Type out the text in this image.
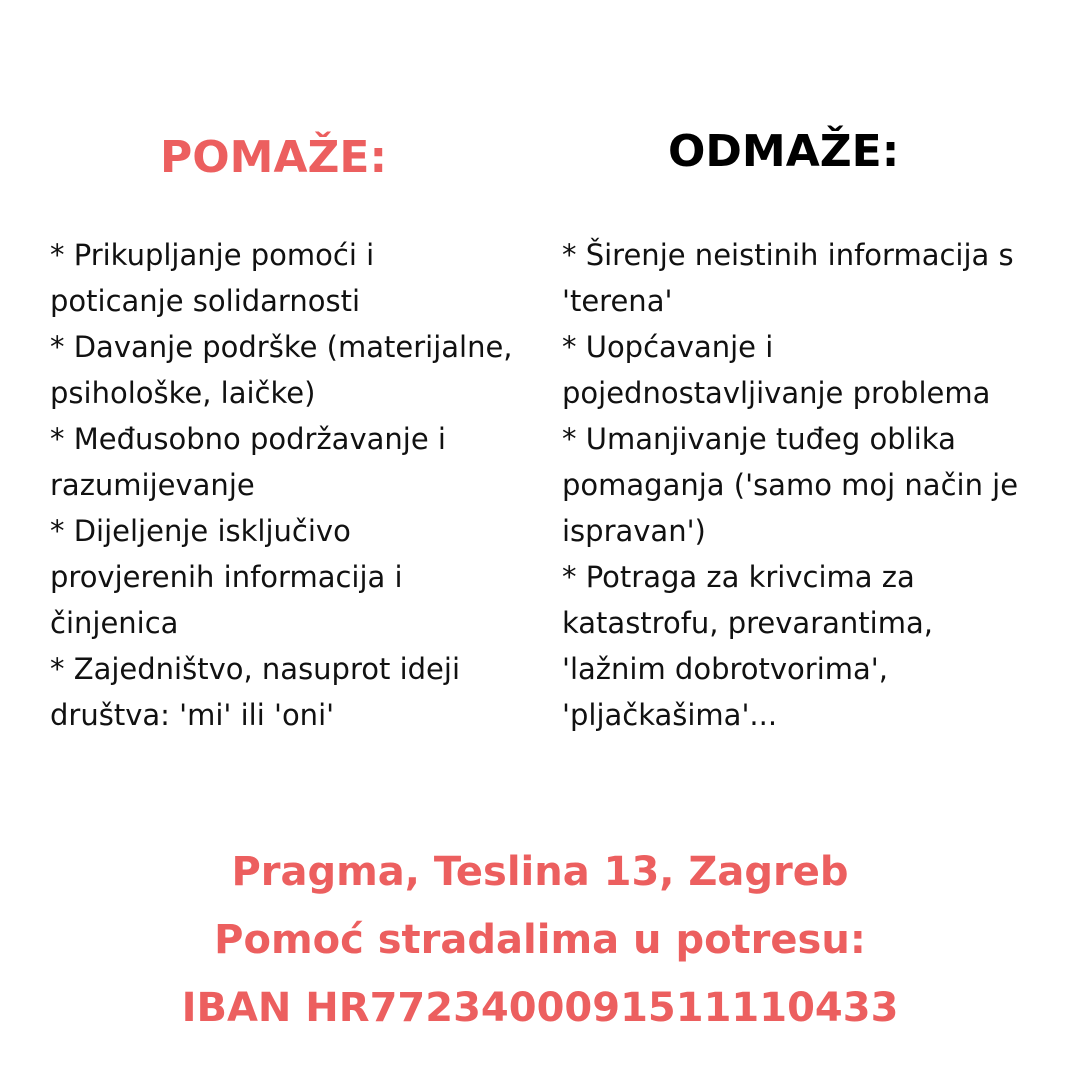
POMAŽE:	ODMAŽE:
* Prikupljanje pomoći i
poticanje solidarnosti
* Davanje podrške (materijalne,
psihološke, laičke)
* Međusobno podržavanje i
razumijevanje
* Dijeljenje isključivo
provjerenih informacija i
činjenica
* Zajedništvo, nasuprot ideji
društva: 'mi' ili 'oni'
* Širenje neistinih informacija s
'terena'
* Uopćavanje i
pojednostavljivanje problema
* Umanjivanje tuđeg oblika
pomaganja ('samo moj način je
ispravan')
* Potraga za krivcima za
katastrofu, prevarantima,
'lažnim dobrotvorima',
'pljačkašima'...
Pragma, Teslina 13, Zagreb
Pomoć stradalima u potresu:
IBAN HR7723400091511110433
